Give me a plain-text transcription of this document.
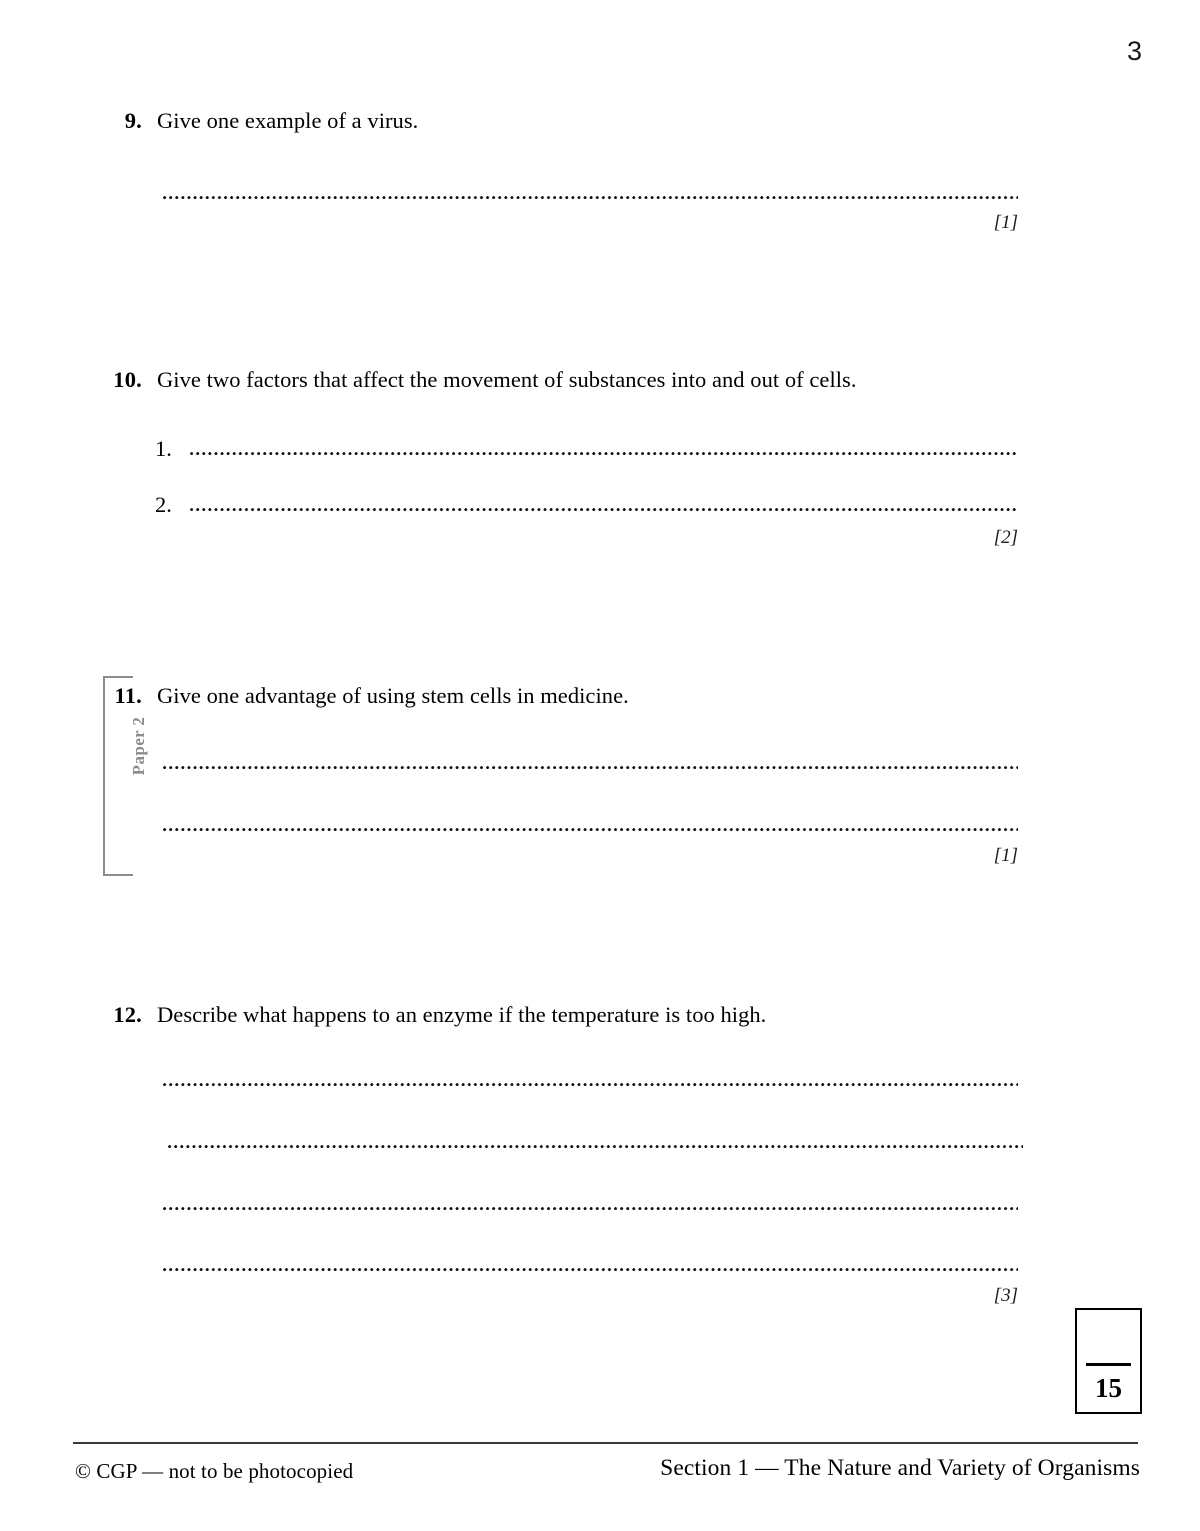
3
9. Give one example of a virus.
[1]
10. Give two factors that affect the movement of substances into and out of cells.
1.
2.
[2]
Paper 2
11. Give one advantage of using stem cells in medicine.
[1]
12. Describe what happens to an enzyme if the temperature is too high.
[3]
15
© CGP — not to be photocopied	Section 1 — The Nature and Variety of Organisms
